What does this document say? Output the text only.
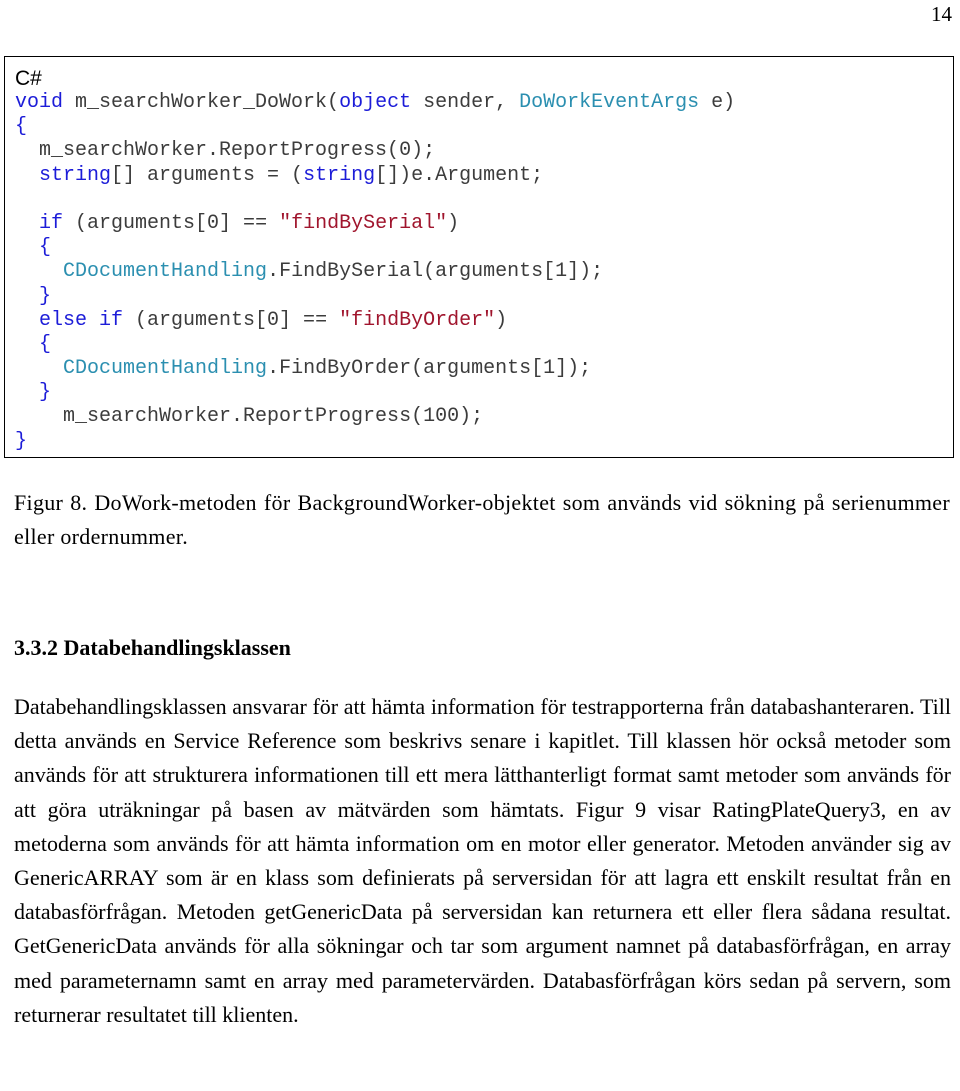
14
C#
void m_searchWorker_DoWork(object sender, DoWorkEventArgs e)
{
m_searchWorker.ReportProgress(0);
string[] arguments = (string[])e.Argument;
if (arguments[0] == "findBySerial")
{
CDocumentHandling.FindBySerial(arguments[1]);
}
else if (arguments[0] == "findByOrder")
{
CDocumentHandling.FindByOrder(arguments[1]);
}
m_searchWorker.ReportProgress(100);
}
Figur 8. DoWork-metoden för BackgroundWorker-objektet som används vid sökning på serienummer eller ordernummer.
3.3.2 Databehandlingsklassen
Databehandlingsklassen ansvarar för att hämta information för testrapporterna från databashanteraren. Till detta används en Service Reference som beskrivs senare i kapitlet. Till klassen hör också metoder som används för att strukturera informationen till ett mera lätthanterligt format samt metoder som används för att göra uträkningar på basen av mätvärden som hämtats. Figur 9 visar RatingPlateQuery3, en av metoderna som används för att hämta information om en motor eller generator. Metoden använder sig av GenericARRAY som är en klass som definierats på serversidan för att lagra ett enskilt resultat från en databasförfrågan. Metoden getGenericData på serversidan kan returnera ett eller flera sådana resultat. GetGenericData används för alla sökningar och tar som argument namnet på databasförfrågan, en array med parameternamn samt en array med parametervärden. Databasförfrågan körs sedan på servern, som returnerar resultatet till klienten.
